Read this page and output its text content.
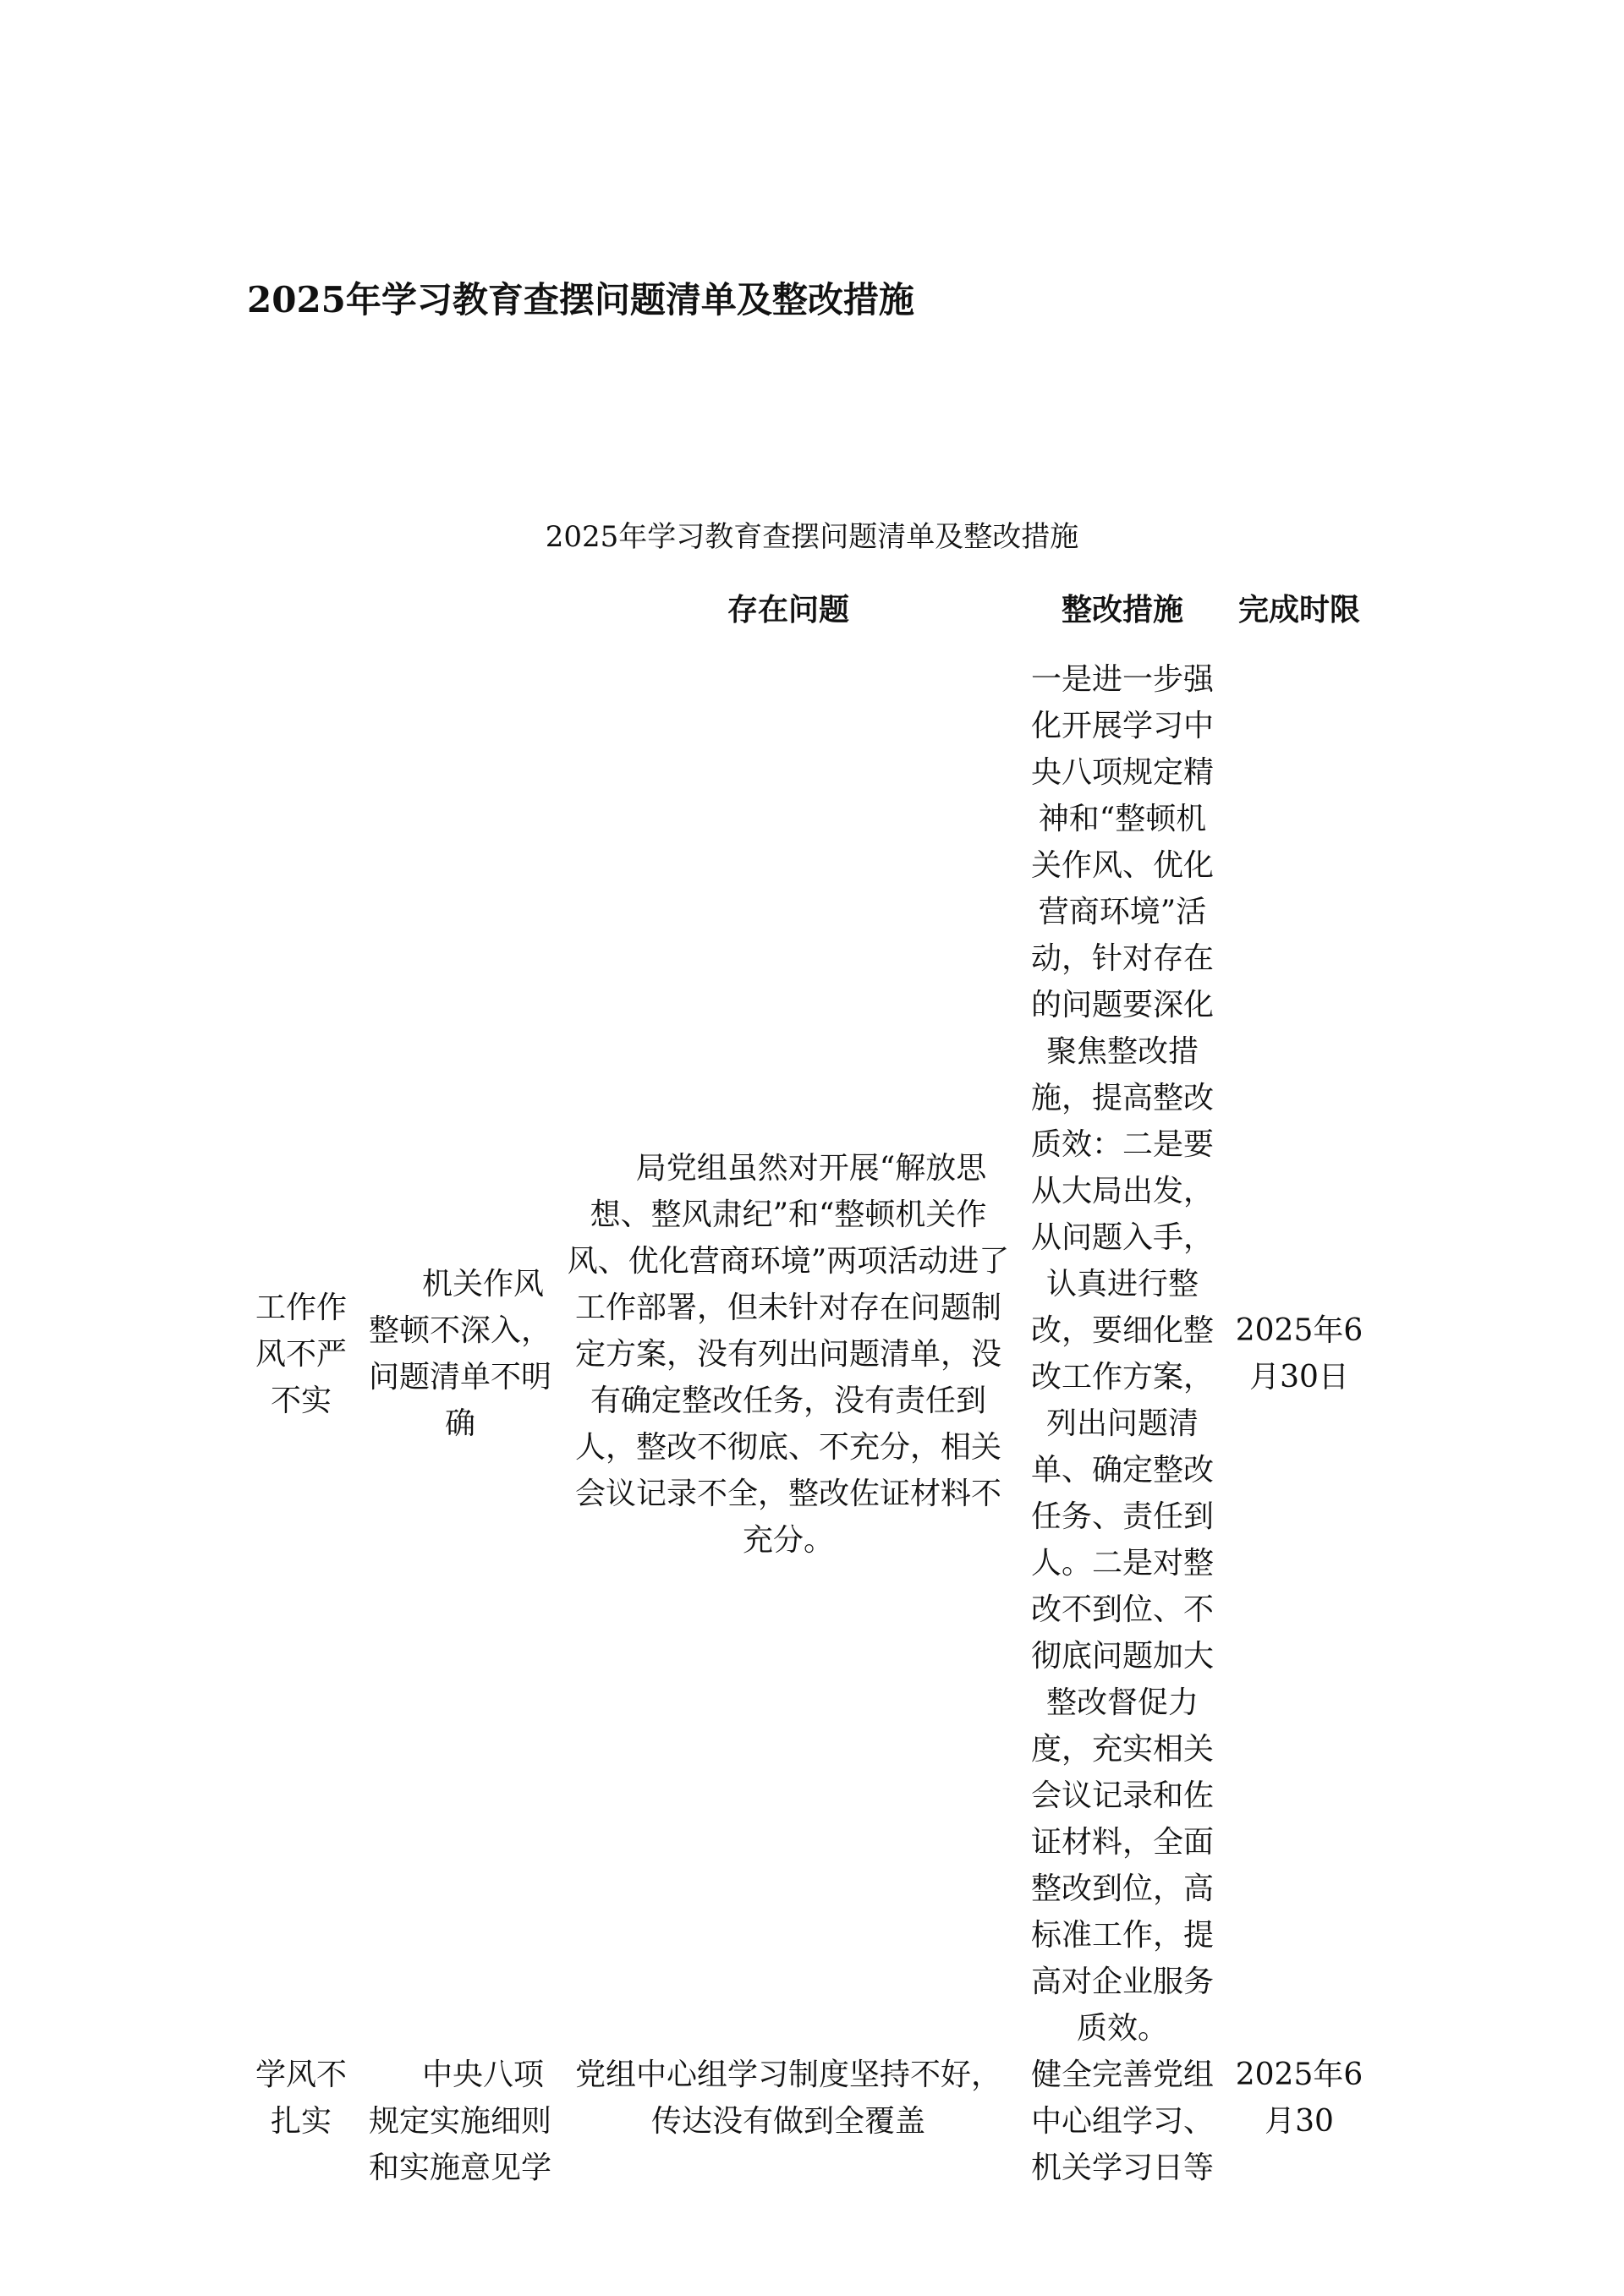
2025年学习教育查摆问题清单及整改措施
2025年学习教育查摆问题清单及整改措施
		存在问题	整改措施	完成时限
工作作风不严不实	机关作风整顿不深入，问题清单不明确	局党组虽然对开展“解放思想、整风肃纪”和“整顿机关作风、优化营商环境”两项活动进了工作部署，但未针对存在问题制定方案，没有列出问题清单，没有确定整改任务，没有责任到人，整改不彻底、不充分，相关会议记录不全，整改佐证材料不充分。	一是进一步强化开展学习中央八项规定精神和“整顿机关作风、优化营商环境”活动，针对存在的问题要深化聚焦整改措施，提高整改质效：二是要从大局出发，从问题入手，认真进行整改，要细化整改工作方案，列出问题清单、确定整改任务、责任到人。二是对整改不到位、不彻底问题加大整改督促力度，充实相关会议记录和佐证材料，全面整改到位，高标准工作，提高对企业服务质效。	2025年6月30日
学风不扎实	中央八项规定实施细则和实施意见学	党组中心组学习制度坚持不好，传达没有做到全覆盖	健全完善党组中心组学习、机关学习日等	2025年6月30
